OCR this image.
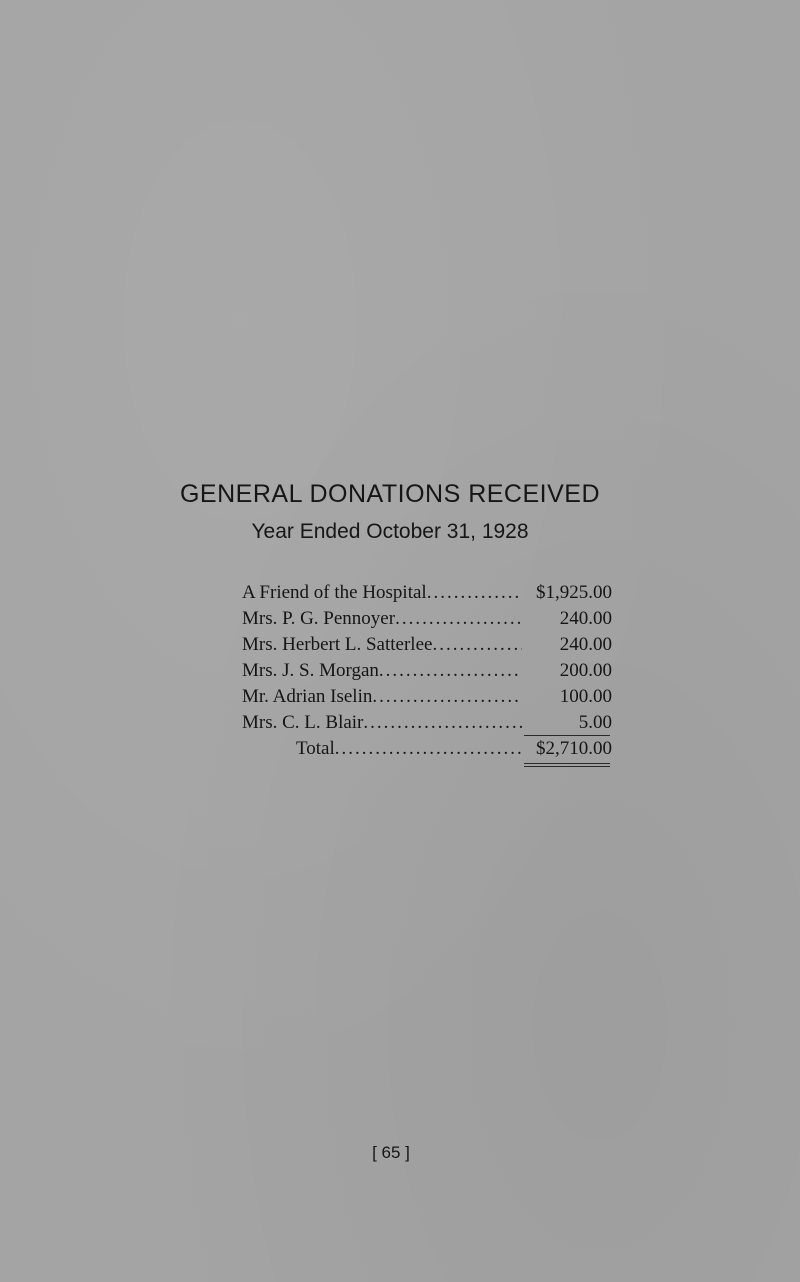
GENERAL DONATIONS RECEIVED
Year Ended October 31, 1928
A Friend of the Hospital .....	$1,925.00
Mrs. P. G. Pennoyer .....	240.00
Mrs. Herbert L. Satterlee .....	240.00
Mrs. J. S. Morgan .....	200.00
Mr. Adrian Iselin .....	100.00
Mrs. C. L. Blair .....	5.00
Total .....	$2,710.00
[ 65 ]
